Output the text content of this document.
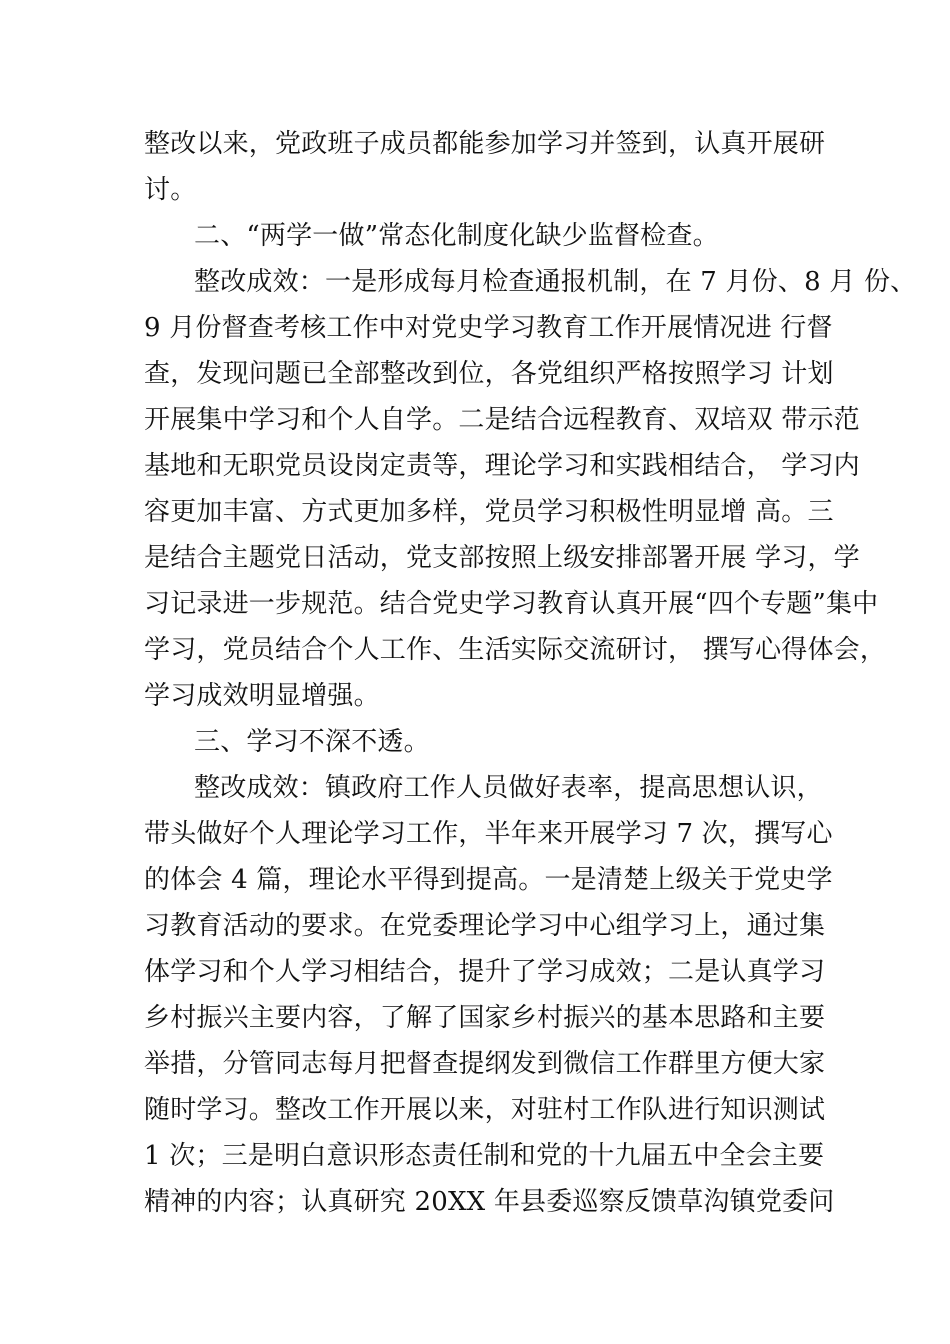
整改以来，党政班子成员都能参加学习并签到，认真开展研
讨。
二、“两学一做”常态化制度化缺少监督检查。
整改成效：一是形成每月检查通报机制，在 7 月份、8 月 份、
9 月份督查考核工作中对党史学习教育工作开展情况进 行督
查，发现问题已全部整改到位，各党组织严格按照学习 计划
开展集中学习和个人自学。二是结合远程教育、双培双 带示范
基地和无职党员设岗定责等，理论学习和实践相结合， 学习内
容更加丰富、方式更加多样，党员学习积极性明显增 高。三
是结合主题党日活动，党支部按照上级安排部署开展 学习，学
习记录进一步规范。结合党史学习教育认真开展“四个专题”集中
学习，党员结合个人工作、生活实际交流研讨， 撰写心得体会，
学习成效明显增强。
三、学习不深不透。
整改成效：镇政府工作人员做好表率，提高思想认识，
带头做好个人理论学习工作，半年来开展学习 7 次，撰写心
的体会 4 篇，理论水平得到提高。一是清楚上级关于党史学
习教育活动的要求。在党委理论学习中心组学习上，通过集
体学习和个人学习相结合，提升了学习成效；二是认真学习
乡村振兴主要内容，了解了国家乡村振兴的基本思路和主要
举措，分管同志每月把督查提纲发到微信工作群里方便大家
随时学习。整改工作开展以来，对驻村工作队进行知识测试
1 次；三是明白意识形态责任制和党的十九届五中全会主要
精神的内容；认真研究 20XX 年县委巡察反馈草沟镇党委问
